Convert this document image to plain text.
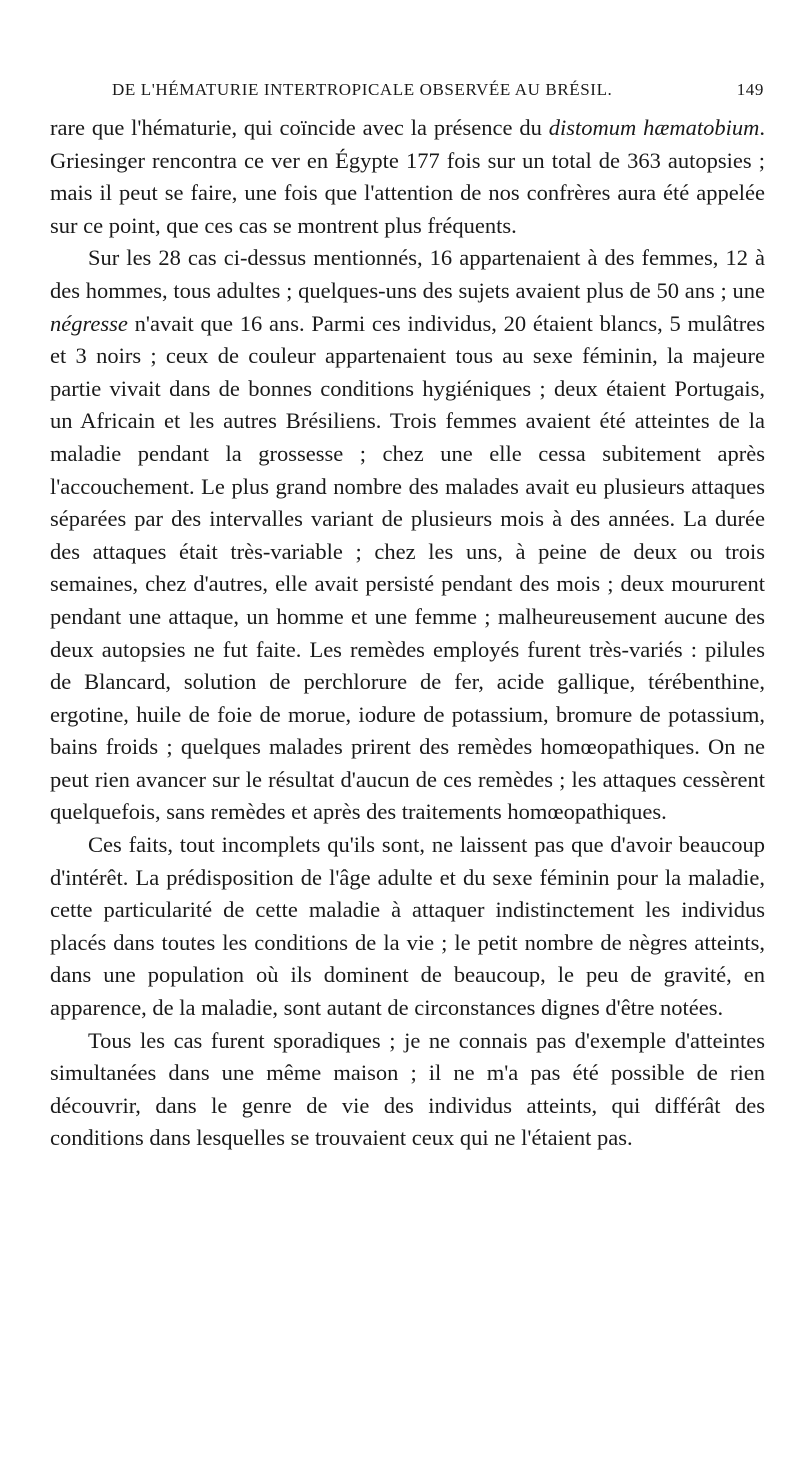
DE L'HÉMATURIE INTERTROPICALE OBSERVÉE AU BRÉSIL.	149

rare que l'hématurie, qui coïncide avec la présence du distomum hæmatobium. Griesinger rencontra ce ver en Égypte 177 fois sur un total de 363 autopsies ; mais il peut se faire, une fois que l'attention de nos confrères aura été appelée sur ce point, que ces cas se montrent plus fréquents.

Sur les 28 cas ci-dessus mentionnés, 16 appartenaient à des femmes, 12 à des hommes, tous adultes ; quelques-uns des sujets avaient plus de 50 ans ; une négresse n'avait que 16 ans. Parmi ces individus, 20 étaient blancs, 5 mulâtres et 3 noirs ; ceux de couleur appartenaient tous au sexe féminin, la majeure partie vivait dans de bonnes conditions hygiéniques ; deux étaient Portugais, un Africain et les autres Brésiliens. Trois femmes avaient été atteintes de la maladie pendant la grossesse ; chez une elle cessa subitement après l'accouchement. Le plus grand nombre des malades avait eu plusieurs attaques séparées par des intervalles variant de plusieurs mois à des années. La durée des attaques était très-variable ; chez les uns, à peine de deux ou trois semaines, chez d'autres, elle avait persisté pendant des mois ; deux moururent pendant une attaque, un homme et une femme ; malheureusement aucune des deux autopsies ne fut faite. Les remèdes employés furent très-variés : pilules de Blancard, solution de perchlorure de fer, acide gallique, térébenthine, ergotine, huile de foie de morue, iodure de potassium, bromure de potassium, bains froids ; quelques malades prirent des remèdes homœopathiques. On ne peut rien avancer sur le résultat d'aucun de ces remèdes ; les attaques cessèrent quelquefois, sans remèdes et après des traitements homœopathiques.

Ces faits, tout incomplets qu'ils sont, ne laissent pas que d'avoir beaucoup d'intérêt. La prédisposition de l'âge adulte et du sexe féminin pour la maladie, cette particularité de cette maladie à attaquer indistinctement les individus placés dans toutes les conditions de la vie ; le petit nombre de nègres atteints, dans une population où ils dominent de beaucoup, le peu de gravité, en apparence, de la maladie, sont autant de circonstances dignes d'être notées.

Tous les cas furent sporadiques ; je ne connais pas d'exemple d'atteintes simultanées dans une même maison ; il ne m'a pas été possible de rien découvrir, dans le genre de vie des individus atteints, qui différât des conditions dans lesquelles se trouvaient ceux qui ne l'étaient pas.
